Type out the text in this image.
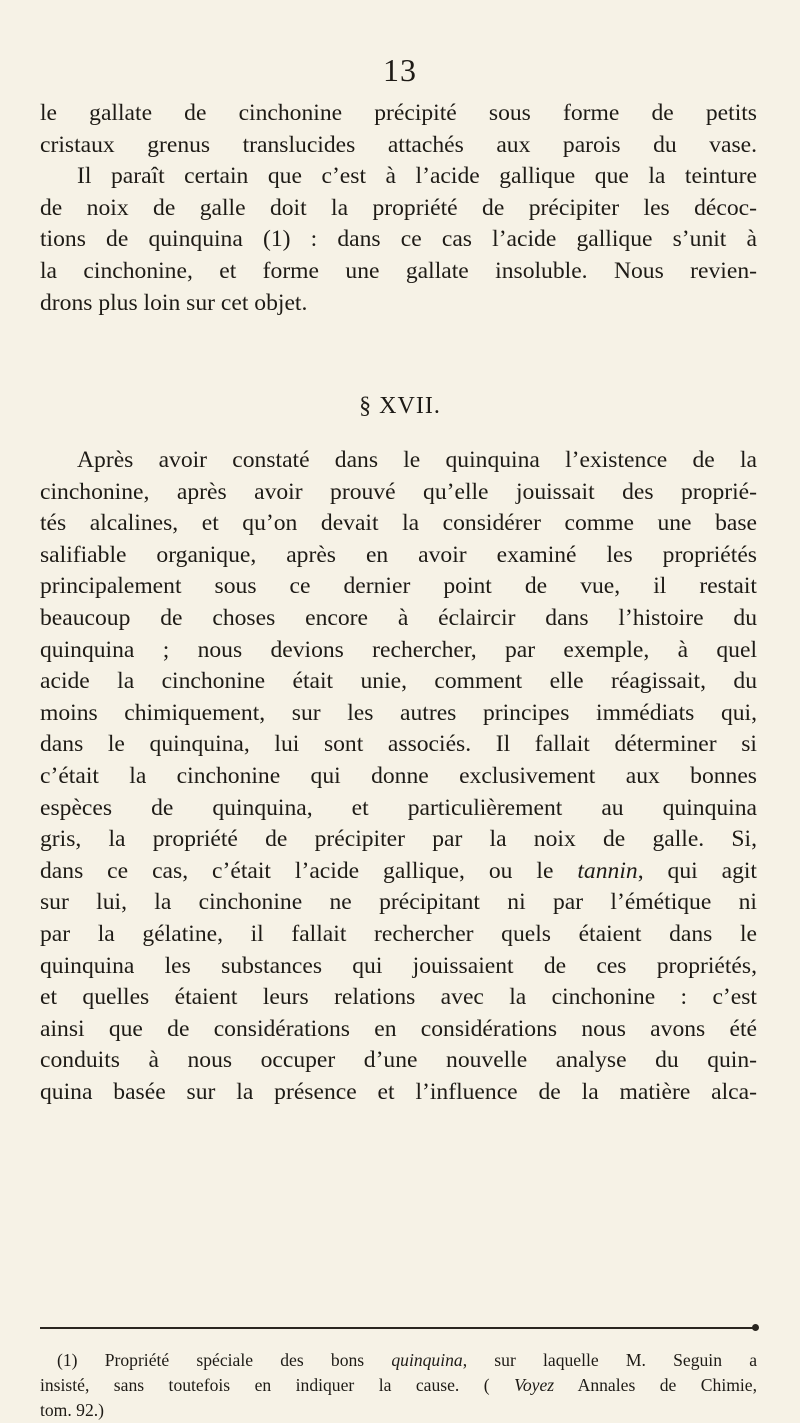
13
le gallate de cinchonine précipité sous forme de petits
cristaux grenus translucides attachés aux parois du vase.
Il paraît certain que c’est à l’acide gallique que la teinture
de noix de galle doit la propriété de précipiter les décoc-
tions de quinquina (1) : dans ce cas l’acide gallique s’unit à
la cinchonine, et forme une gallate insoluble. Nous revien-
drons plus loin sur cet objet.
§ XVII.
Après avoir constaté dans le quinquina l’existence de la
cinchonine, après avoir prouvé qu’elle jouissait des proprié-
tés alcalines, et qu’on devait la considérer comme une base
salifiable organique, après en avoir examiné les propriétés
principalement sous ce dernier point de vue, il restait
beaucoup de choses encore à éclaircir dans l’histoire du
quinquina ; nous devions rechercher, par exemple, à quel
acide la cinchonine était unie, comment elle réagissait, du
moins chimiquement, sur les autres principes immédiats qui,
dans le quinquina, lui sont associés. Il fallait déterminer si
c’était la cinchonine qui donne exclusivement aux bonnes
espèces de quinquina, et particulièrement au quinquina
gris, la propriété de précipiter par la noix de galle. Si,
dans ce cas, c’était l’acide gallique, ou le tannin, qui agit
sur lui, la cinchonine ne précipitant ni par l’émétique ni
par la gélatine, il fallait rechercher quels étaient dans le
quinquina les substances qui jouissaient de ces propriétés,
et quelles étaient leurs relations avec la cinchonine : c’est
ainsi que de considérations en considérations nous avons été
conduits à nous occuper d’une nouvelle analyse du quin-
quina basée sur la présence et l’influence de la matière alca-
(1) Propriété spéciale des bons quinquina, sur laquelle M. Seguin a
insisté, sans toutefois en indiquer la cause. ( Voyez Annales de Chimie,
tom. 92.)
